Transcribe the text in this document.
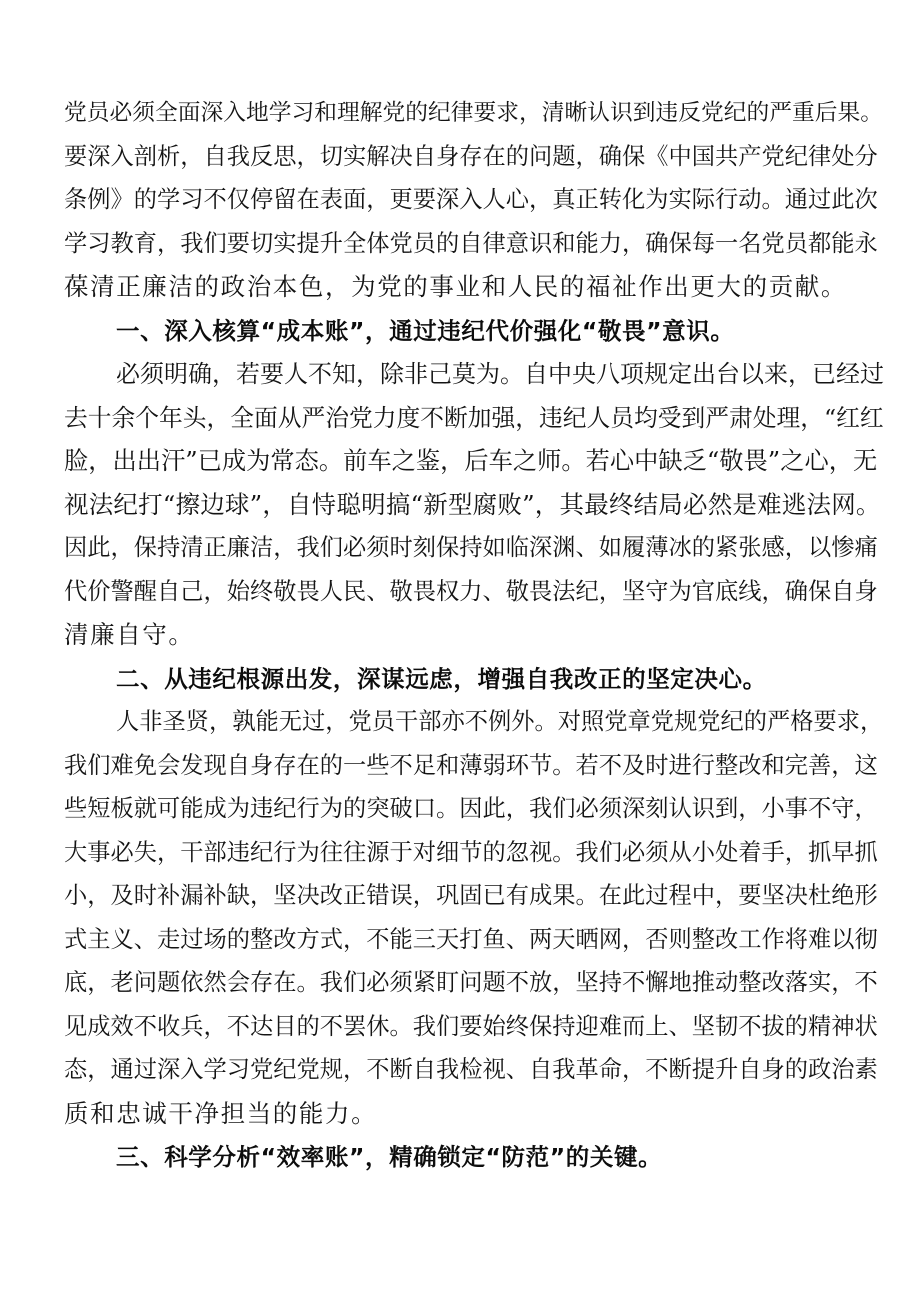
党员必须全面深入地学习和理解党的纪律要求，清晰认识到违反党纪的严重后果。
要深入剖析，自我反思，切实解决自身存在的问题，确保《中国共产党纪律处分
条例》的学习不仅停留在表面，更要深入人心，真正转化为实际行动。通过此次
学习教育，我们要切实提升全体党员的自律意识和能力，确保每一名党员都能永
葆清正廉洁的政治本色，为党的事业和人民的福祉作出更大的贡献。
一、深入核算“成本账”，通过违纪代价强化“敬畏”意识。
必须明确，若要人不知，除非己莫为。自中央八项规定出台以来，已经过
去十余个年头，全面从严治党力度不断加强，违纪人员均受到严肃处理，“红红
脸，出出汗”已成为常态。前车之鉴，后车之师。若心中缺乏“敬畏”之心，无
视法纪打“擦边球”，自恃聪明搞“新型腐败”，其最终结局必然是难逃法网。
因此，保持清正廉洁，我们必须时刻保持如临深渊、如履薄冰的紧张感，以惨痛
代价警醒自己，始终敬畏人民、敬畏权力、敬畏法纪，坚守为官底线，确保自身
清廉自守。
二、从违纪根源出发，深谋远虑，增强自我改正的坚定决心。
人非圣贤，孰能无过，党员干部亦不例外。对照党章党规党纪的严格要求，
我们难免会发现自身存在的一些不足和薄弱环节。若不及时进行整改和完善，这
些短板就可能成为违纪行为的突破口。因此，我们必须深刻认识到，小事不守，
大事必失，干部违纪行为往往源于对细节的忽视。我们必须从小处着手，抓早抓
小，及时补漏补缺，坚决改正错误，巩固已有成果。在此过程中，要坚决杜绝形
式主义、走过场的整改方式，不能三天打鱼、两天晒网，否则整改工作将难以彻
底，老问题依然会存在。我们必须紧盯问题不放，坚持不懈地推动整改落实，不
见成效不收兵，不达目的不罢休。我们要始终保持迎难而上、坚韧不拔的精神状
态，通过深入学习党纪党规，不断自我检视、自我革命，不断提升自身的政治素
质和忠诚干净担当的能力。
三、科学分析“效率账”，精确锁定“防范”的关键。
